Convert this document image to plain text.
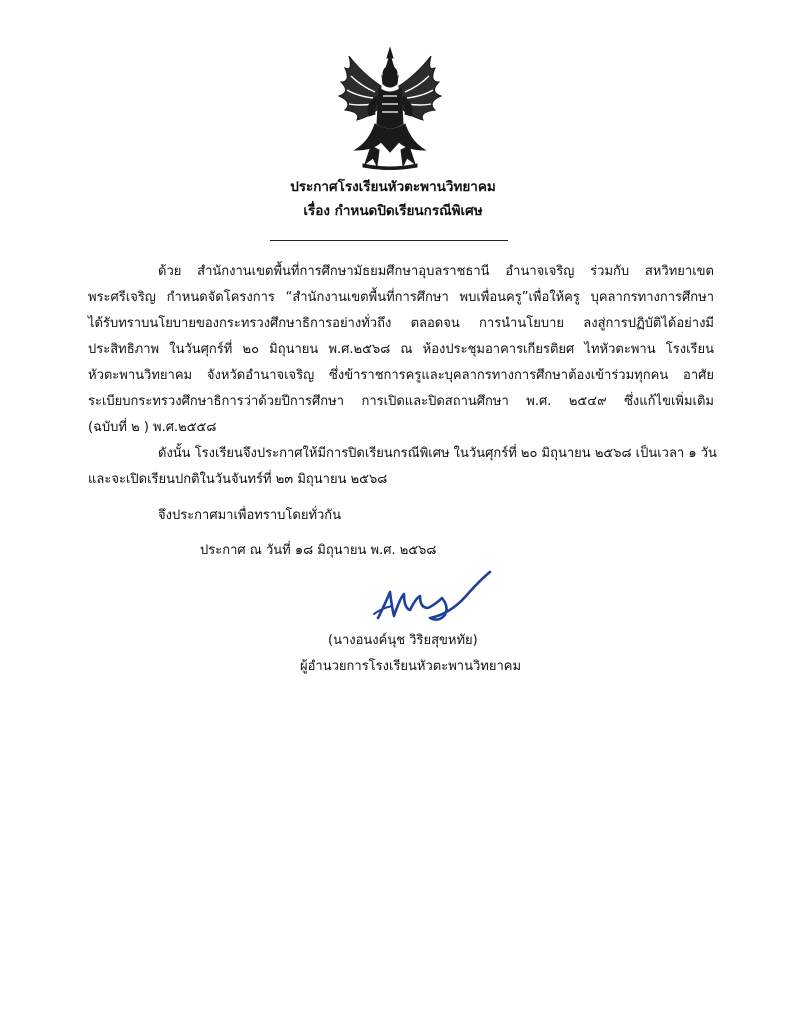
ประกาศโรงเรียนหัวตะพานวิทยาคม
เรื่อง กำหนดปิดเรียนกรณีพิเศษ
ด้วย สำนักงานเขตพื้นที่การศึกษามัธยมศึกษาอุบลราชธานี อำนาจเจริญ ร่วมกับ สหวิทยาเขต
พระศรีเจริญ กำหนดจัดโครงการ “สำนักงานเขตพื้นที่การศึกษา พบเพื่อนครู”เพื่อให้ครู บุคลากรทางการศึกษา
ได้รับทราบนโยบายของกระทรวงศึกษาธิการอย่างทั่วถึง ตลอดจน การนำนโยบาย ลงสู่การปฏิบัติได้อย่างมี
ประสิทธิภาพ ในวันศุกร์ที่ ๒๐ มิถุนายน พ.ศ.๒๕๖๘ ณ ห้องประชุมอาคารเกียรติยศ ไทหัวตะพาน โรงเรียน
หัวตะพานวิทยาคม จังหวัดอำนาจเจริญ ซึ่งข้าราชการครูและบุคลากรทางการศึกษาต้องเข้าร่วมทุกคน อาศัย
ระเบียบกระทรวงศึกษาธิการว่าด้วยปีการศึกษา การเปิดและปิดสถานศึกษา พ.ศ. ๒๕๔๙ ซึ่งแก้ไขเพิ่มเติม
(ฉบับที่ ๒ ) พ.ศ.๒๕๕๘
ดังนั้น โรงเรียนจึงประกาศให้มีการปิดเรียนกรณีพิเศษ ในวันศุกร์ที่ ๒๐ มิถุนายน ๒๕๖๘ เป็นเวลา ๑ วัน
และจะเปิดเรียนปกติในวันจันทร์ที่ ๒๓ มิถุนายน ๒๕๖๘
จึงประกาศมาเพื่อทราบโดยทั่วกัน
ประกาศ ณ วันที่ ๑๘ มิถุนายน พ.ศ. ๒๕๖๘
(นางอนงค์นุช วิริยสุขหทัย)
ผู้อำนวยการโรงเรียนหัวตะพานวิทยาคม
